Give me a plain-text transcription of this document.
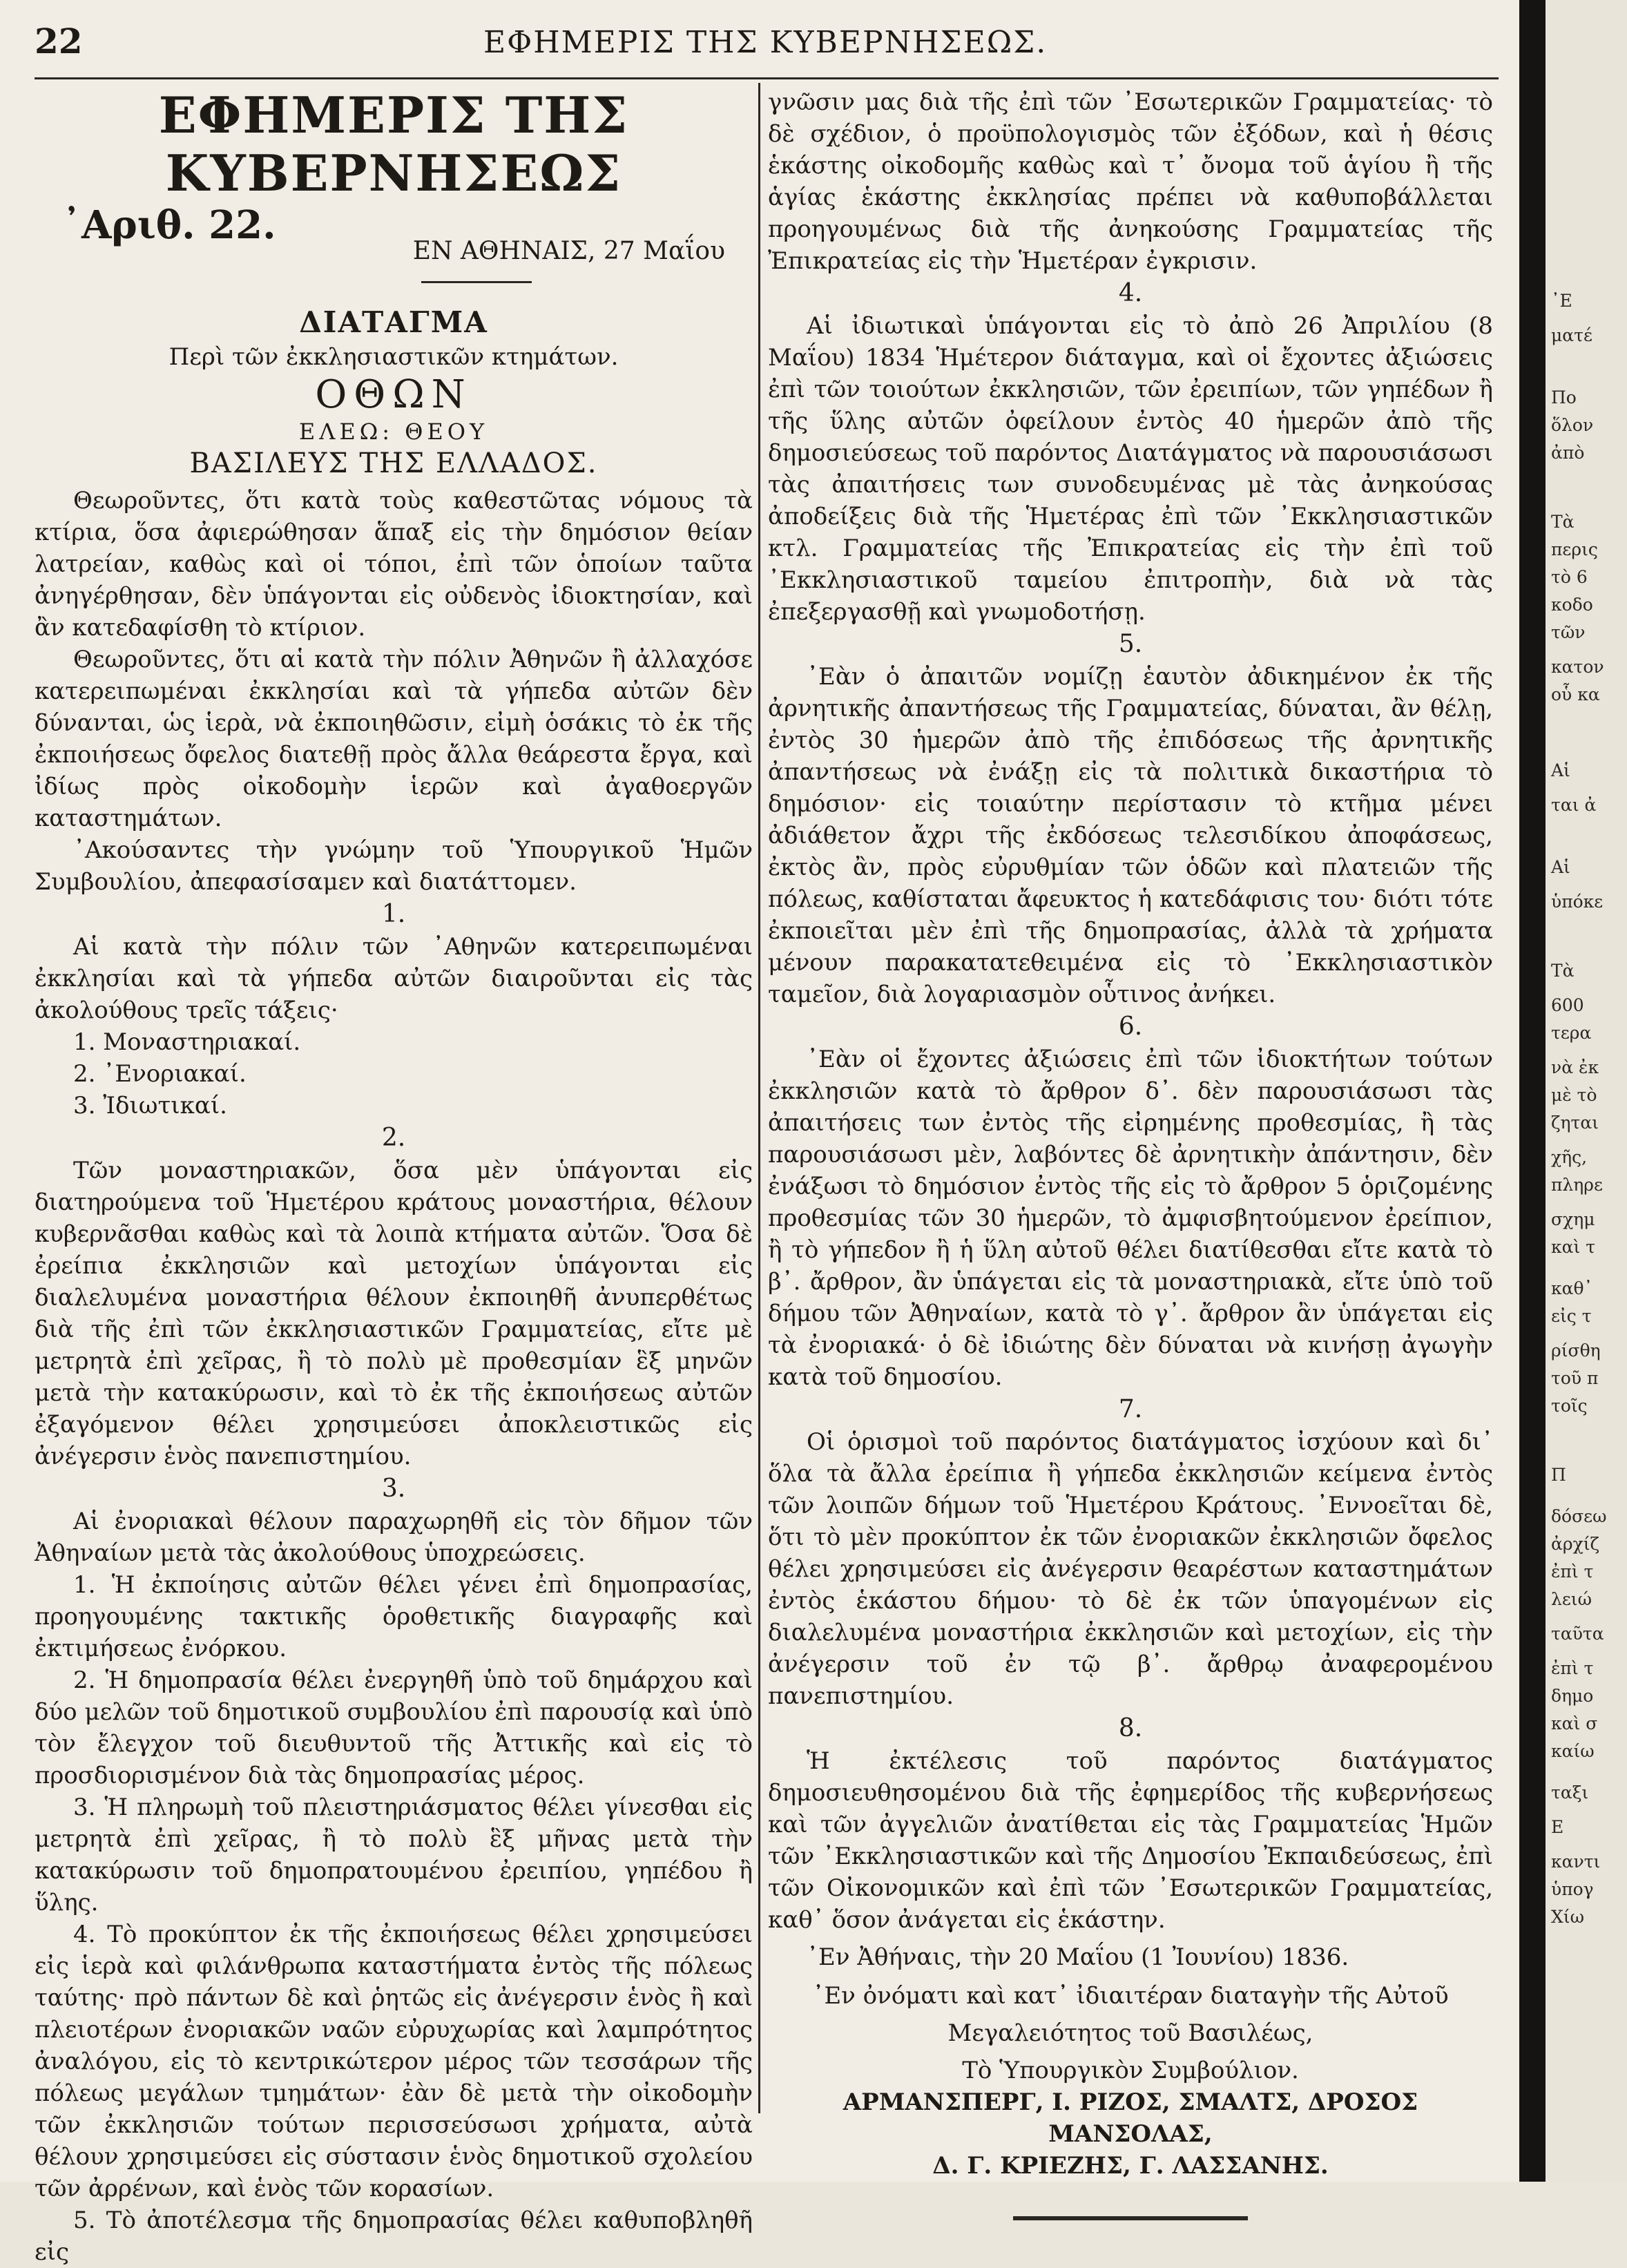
22	ΕΦΗΜΕΡΙΣ ΤΗΣ ΚΥΒΕΡΝΗΣΕΩΣ.
ΕΦΗΜΕΡΙΣ ΤΗΣ ΚΥΒΕΡΝΗΣΕΩΣ
᾿Αριθ. 22.
ΕΝ ΑΘΗΝΑΙΣ, 27 Μαΐου
ΔΙΑΤΑΓΜΑ
Περὶ τῶν ἐκκλησιαστικῶν κτημάτων.
ΟΘΩΝ
ΕΛΕΩ: ΘΕΟΥ
ΒΑΣΙΛΕΥΣ ΤΗΣ ΕΛΛΑΔΟΣ.

Θεωροῦντες, ὅτι κατὰ τοὺς καθεστῶτας νόμους τὰ κτίρια, ὅσα ἀφιερώθησαν ἅπαξ εἰς τὴν δημόσιον θείαν λατρείαν, καθὼς καὶ οἱ τόποι, ἐπὶ τῶν ὁποίων ταῦτα ἀνηγέρθησαν, δὲν ὑπάγονται εἰς οὐδενὸς ἰδιοκτησίαν, καὶ ἂν κατεδαφίσθη τὸ κτίριον.

Θεωροῦντες, ὅτι αἱ κατὰ τὴν πόλιν Ἀθηνῶν ἢ ἀλλαχόσε κατερειπωμέναι ἐκκλησίαι καὶ τὰ γήπεδα αὐτῶν δὲν δύνανται, ὡς ἱερὰ, νὰ ἐκποιηθῶσιν, εἰμὴ ὁσάκις τὸ ἐκ τῆς ἐκποιήσεως ὄφελος διατεθῇ πρὸς ἄλλα θεάρεστα ἔργα, καὶ ἰδίως πρὸς οἰκοδομὴν ἱερῶν καὶ ἀγαθοεργῶν καταστημάτων.

᾿Ακούσαντες τὴν γνώμην τοῦ Ὑπουργικοῦ Ἡμῶν Συμβουλίου, ἀπεφασίσαμεν καὶ διατάττομεν.

1.

Αἱ κατὰ τὴν πόλιν τῶν ᾿Αθηνῶν κατερειπωμέναι ἐκκλησίαι καὶ τὰ γήπεδα αὐτῶν διαιροῦνται εἰς τὰς ἀκολούθους τρεῖς τάξεις·

1. Μοναστηριακαί.
2. ᾿Ενοριακαί.
3. Ἰδιωτικαί.
2.

Τῶν μοναστηριακῶν, ὅσα μὲν ὑπάγονται εἰς διατηρούμενα τοῦ Ἡμετέρου κράτους μοναστήρια, θέλουν κυβερνᾶσθαι καθὼς καὶ τὰ λοιπὰ κτήματα αὐτῶν. Ὅσα δὲ ἐρείπια ἐκκλησιῶν καὶ μετοχίων ὑπάγονται εἰς διαλελυμένα μοναστήρια θέλουν ἐκποιηθῆ ἀνυπερθέτως διὰ τῆς ἐπὶ τῶν ἐκκλησιαστικῶν Γραμματείας, εἴτε μὲ μετρητὰ ἐπὶ χεῖρας, ἢ τὸ πολὺ μὲ προθεσμίαν ἓξ μηνῶν μετὰ τὴν κατακύρωσιν, καὶ τὸ ἐκ τῆς ἐκποιήσεως αὐτῶν ἐξαγόμενον θέλει χρησιμεύσει ἀποκλειστικῶς εἰς ἀνέγερσιν ἑνὸς πανεπιστημίου.

3.

Αἱ ἐνοριακαὶ θέλουν παραχωρηθῆ εἰς τὸν δῆμον τῶν Ἀθηναίων μετὰ τὰς ἀκολούθους ὑποχρεώσεις.

1. Ἡ ἐκποίησις αὐτῶν θέλει γένει ἐπὶ δημοπρασίας, προηγουμένης τακτικῆς ὁροθετικῆς διαγραφῆς καὶ ἐκτιμήσεως ἐνόρκου.

2. Ἡ δημοπρασία θέλει ἐνεργηθῆ ὑπὸ τοῦ δημάρχου καὶ δύο μελῶν τοῦ δημοτικοῦ συμβουλίου ἐπὶ παρουσίᾳ καὶ ὑπὸ τὸν ἔλεγχον τοῦ διευθυντοῦ τῆς Ἀττικῆς καὶ εἰς τὸ προσδιορισμένον διὰ τὰς δημοπρασίας μέρος.

3. Ἡ πληρωμὴ τοῦ πλειστηριάσματος θέλει γίνεσθαι εἰς μετρητὰ ἐπὶ χεῖρας, ἢ τὸ πολὺ ἓξ μῆνας μετὰ τὴν κατακύρωσιν τοῦ δημοπρατουμένου ἐρειπίου, γηπέδου ἢ ὕλης.

4. Τὸ προκύπτον ἐκ τῆς ἐκποιήσεως θέλει χρησιμεύσει εἰς ἱερὰ καὶ φιλάνθρωπα καταστήματα ἐντὸς τῆς πόλεως ταύτης· πρὸ πάντων δὲ καὶ ῥητῶς εἰς ἀνέγερσιν ἑνὸς ἢ καὶ πλειοτέρων ἐνοριακῶν ναῶν εὐρυχωρίας καὶ λαμπρότητος ἀναλόγου, εἰς τὸ κεντρικώτερον μέρος τῶν τεσσάρων τῆς πόλεως μεγάλων τμημάτων· ἐὰν δὲ μετὰ τὴν οἰκοδομὴν τῶν ἐκκλησιῶν τούτων περισσεύσωσι χρήματα, αὐτὰ θέλουν χρησιμεύσει εἰς σύστασιν ἑνὸς δημοτικοῦ σχολείου τῶν ἀρρένων, καὶ ἑνὸς τῶν κορασίων.

5. Τὸ ἀποτέλεσμα τῆς δημοπρασίας θέλει καθυποβληθῆ εἰς

γνῶσιν μας διὰ τῆς ἐπὶ τῶν ᾿Εσωτερικῶν Γραμματείας· τὸ δὲ σχέδιον, ὁ προϋπολογισμὸς τῶν ἐξόδων, καὶ ἡ θέσις ἑκάστης οἰκοδομῆς καθὼς καὶ τ᾿ ὄνομα τοῦ ἁγίου ἢ τῆς ἁγίας ἑκάστης ἐκκλησίας πρέπει νὰ καθυποβάλλεται προηγουμένως διὰ τῆς ἀνηκούσης Γραμματείας τῆς Ἐπικρατείας εἰς τὴν Ἡμετέραν ἐγκρισιν.

4.

Αἱ ἰδιωτικαὶ ὑπάγονται εἰς τὸ ἀπὸ 26 Ἀπριλίου (8 Μαΐου) 1834 Ἡμέτερον διάταγμα, καὶ οἱ ἔχοντες ἀξιώσεις ἐπὶ τῶν τοιούτων ἐκκλησιῶν, τῶν ἐρειπίων, τῶν γηπέδων ἢ τῆς ὕλης αὐτῶν ὀφείλουν ἐντὸς 40 ἡμερῶν ἀπὸ τῆς δημοσιεύσεως τοῦ παρόντος Διατάγματος νὰ παρουσιάσωσι τὰς ἀπαιτήσεις των συνοδευμένας μὲ τὰς ἀνηκούσας ἀποδείξεις διὰ τῆς Ἡμετέρας ἐπὶ τῶν ᾿Εκκλησιαστικῶν κτλ. Γραμματείας τῆς Ἐπικρατείας εἰς τὴν ἐπὶ τοῦ ᾿Εκκλησιαστικοῦ ταμείου ἐπιτροπὴν, διὰ νὰ τὰς ἐπεξεργασθῇ καὶ γνωμοδοτήσῃ.

5.

᾿Εὰν ὁ ἀπαιτῶν νομίζῃ ἑαυτὸν ἀδικημένον ἐκ τῆς ἀρνητικῆς ἀπαντήσεως τῆς Γραμματείας, δύναται, ἂν θέλῃ, ἐντὸς 30 ἡμερῶν ἀπὸ τῆς ἐπιδόσεως τῆς ἀρνητικῆς ἀπαντήσεως νὰ ἐνάξῃ εἰς τὰ πολιτικὰ δικαστήρια τὸ δημόσιον· εἰς τοιαύτην περίστασιν τὸ κτῆμα μένει ἀδιάθετον ἄχρι τῆς ἐκδόσεως τελεσιδίκου ἀποφάσεως, ἐκτὸς ἂν, πρὸς εὐρυθμίαν τῶν ὁδῶν καὶ πλατειῶν τῆς πόλεως, καθίσταται ἄφευκτος ἡ κατεδάφισις του· διότι τότε ἐκποιεῖται μὲν ἐπὶ τῆς δημοπρασίας, ἀλλὰ τὰ χρήματα μένουν παρακατατεθειμένα εἰς τὸ ᾿Εκκλησιαστικὸν ταμεῖον, διὰ λογαριασμὸν οὗτινος ἀνήκει.

6.

᾿Εὰν οἱ ἔχοντες ἀξιώσεις ἐπὶ τῶν ἰδιοκτήτων τούτων ἐκκλησιῶν κατὰ τὸ ἄρθρον δ᾿. δὲν παρουσιάσωσι τὰς ἀπαιτήσεις των ἐντὸς τῆς εἰρημένης προθεσμίας, ἢ τὰς παρουσιάσωσι μὲν, λαβόντες δὲ ἀρνητικὴν ἀπάντησιν, δὲν ἐνάξωσι τὸ δημόσιον ἐντὸς τῆς εἰς τὸ ἄρθρον 5 ὁριζομένης προθεσμίας τῶν 30 ἡμερῶν, τὸ ἀμφισβητούμενον ἐρείπιον, ἢ τὸ γήπεδον ἢ ἡ ὕλη αὐτοῦ θέλει διατίθεσθαι εἴτε κατὰ τὸ β᾿. ἄρθρον, ἂν ὑπάγεται εἰς τὰ μοναστηριακὰ, εἴτε ὑπὸ τοῦ δήμου τῶν Ἀθηναίων, κατὰ τὸ γ᾿. ἄρθρον ἂν ὑπάγεται εἰς τὰ ἐνοριακά· ὁ δὲ ἰδιώτης δὲν δύναται νὰ κινήσῃ ἀγωγὴν κατὰ τοῦ δημοσίου.

7.

Οἱ ὁρισμοὶ τοῦ παρόντος διατάγματος ἰσχύουν καὶ δι᾿ ὅλα τὰ ἄλλα ἐρείπια ἢ γήπεδα ἐκκλησιῶν κείμενα ἐντὸς τῶν λοιπῶν δήμων τοῦ Ἡμετέρου Κράτους. ᾿Εννοεῖται δὲ, ὅτι τὸ μὲν προκύπτον ἐκ τῶν ἐνοριακῶν ἐκκλησιῶν ὄφελος θέλει χρησιμεύσει εἰς ἀνέγερσιν θεαρέστων καταστημάτων ἐντὸς ἑκάστου δήμου· τὸ δὲ ἐκ τῶν ὑπαγομένων εἰς διαλελυμένα μοναστήρια ἐκκλησιῶν καὶ μετοχίων, εἰς τὴν ἀνέγερσιν τοῦ ἐν τῷ β᾿. ἄρθρῳ ἀναφερομένου πανεπιστημίου.

8.

Ἡ ἐκτέλεσις τοῦ παρόντος διατάγματος δημοσιευθησομένου διὰ τῆς ἐφημερίδος τῆς κυβερνήσεως καὶ τῶν ἀγγελιῶν ἀνατίθεται εἰς τὰς Γραμματείας Ἡμῶν τῶν ᾿Εκκλησιαστικῶν καὶ τῆς Δημοσίου Ἐκπαιδεύσεως, ἐπὶ τῶν Οἰκονομικῶν καὶ ἐπὶ τῶν ᾿Εσωτερικῶν Γραμματείας, καθ᾿ ὅσον ἀνάγεται εἰς ἑκάστην.

᾿Εν Ἀθήναις, τὴν 20 Μαΐου (1 Ἰουνίου) 1836.
᾿Εν ὀνόματι καὶ κατ᾿ ἰδιαιτέραν διαταγὴν τῆς Αὐτοῦ
Μεγαλειότητος τοῦ Βασιλέως,
Τὸ Ὑπουργικὸν Συμβούλιον.
ΑΡΜΑΝΣΠΕΡΓ, Ι. ΡΙΖΟΣ, ΣΜΑΛΤΣ, ΔΡΟΣΟΣ ΜΑΝΣΟΛΑΣ,
Δ. Γ. ΚΡΙΕΖΗΣ, Γ. ΛΑΣΣΑΝΗΣ.
᾿Ε
ματέ
Πο
ὅλον
ἀπὸ
Τὰ
περις
τὸ 6
κοδο
τῶν
κατον
οὗ κα
Αἱ
ται ἀ
Αἱ
ὑπόκε
Τὰ
600
τερα
νὰ ἐκ
μὲ τὸ
ζηται
χῆς,
πληρε
σχημ
καὶ τ
καθ᾿
εἰς τ
ρίσθη
τοῦ π
τοῖς
Π
δόσεω
ἀρχίζ
ἐπὶ τ
λειώ
ταῦτα
ἐπὶ τ
δημο
καὶ σ
καίω
ταξι
Ε
καντι
ὑπογ
Χίω
